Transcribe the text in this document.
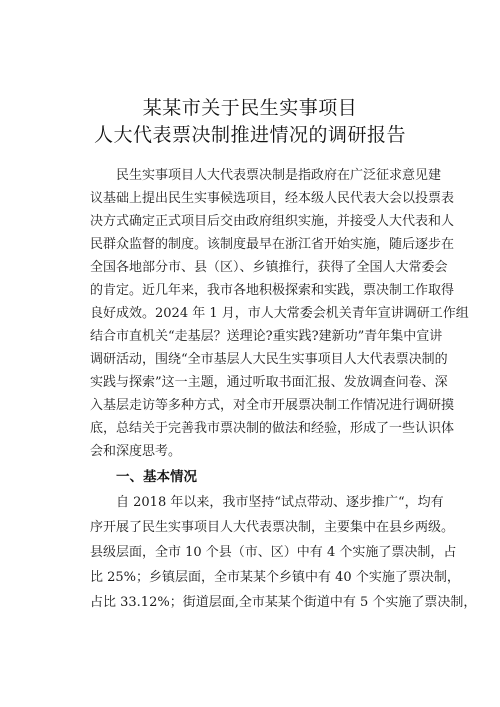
某某市关于民生实事项目
人大代表票决制推进情况的调研报告
民生实事项目人大代表票决制是指政府在广泛征求意见建
议基础上提出民生实事候选项目，经本级人民代表大会以投票表
决方式确定正式项目后交由政府组织实施，并接受人大代表和人
民群众监督的制度。该制度最早在浙江省开始实施，随后逐步在
全国各地部分市、县（区）、乡镇推行，获得了全国人大常委会
的肯定。近几年来，我市各地积极探索和实践，票决制工作取得
良好成效。2024 年 1 月，市人大常委会机关青年宣讲调研工作组
结合市直机关“走基层？送理论?重实践?建新功”青年集中宣讲
调研活动，围绕“全市基层人大民生实事项目人大代表票决制的
实践与探索”这一主题，通过听取书面汇报、发放调查问卷、深
入基层走访等多种方式，对全市开展票决制工作情况进行调研摸
底，总结关于完善我市票决制的做法和经验，形成了一些认识体
会和深度思考。
一、基本情况
自 2018 年以来，我市坚持“试点带动、逐步推广“，均有
序开展了民生实事项目人大代表票决制，主要集中在县乡两级。
县级层面，全市 10 个县（市、区）中有 4 个实施了票决制，占
比 25%；乡镇层面，全市某某个乡镇中有 40 个实施了票决制，
占比 33.12%；街道层面,全市某某个街道中有 5 个实施了票决制，
